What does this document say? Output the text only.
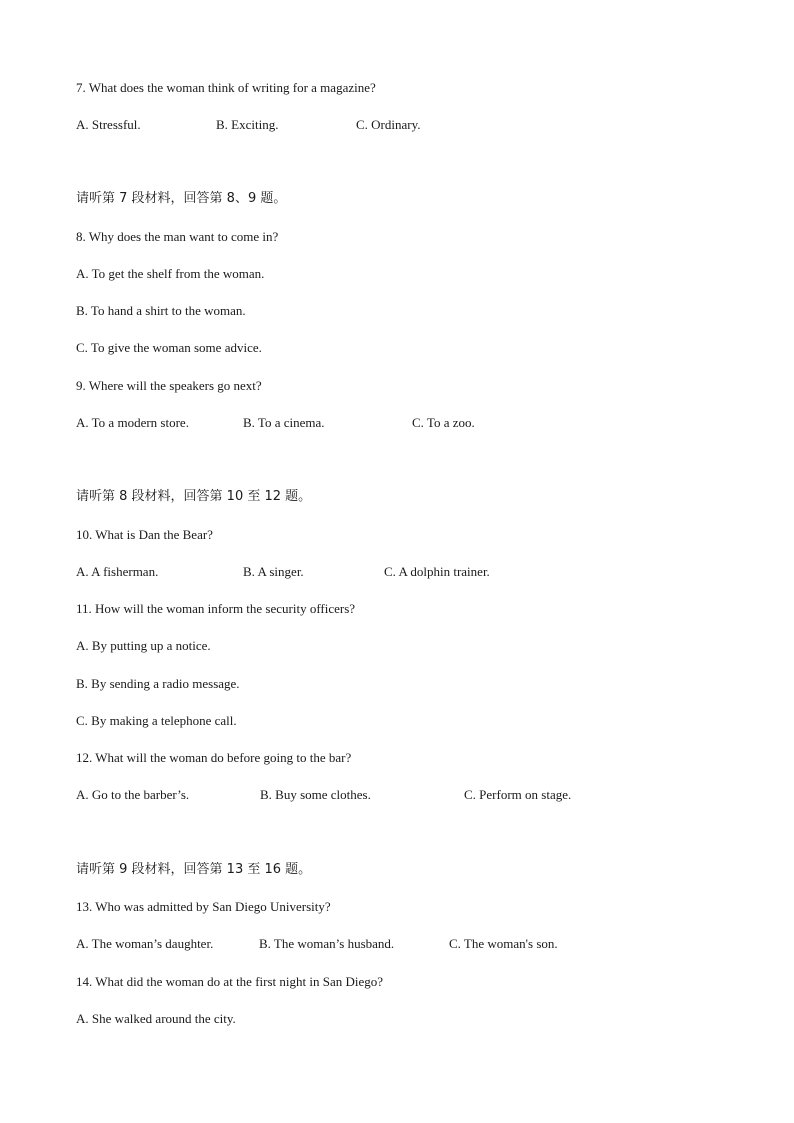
7. What does the woman think of writing for a magazine?
A. Stressful.	B. Exciting.	C. Ordinary.
请听第 7 段材料，回答第 8、9 题。
8. Why does the man want to come in?
A. To get the shelf from the woman.
B. To hand a shirt to the woman.
C. To give the woman some advice.
9. Where will the speakers go next?
A. To a modern store.	B. To a cinema.	C. To a zoo.
请听第 8 段材料，回答第 10 至 12 题。
10. What is Dan the Bear?
A. A fisherman.	B. A singer.	C. A dolphin trainer.
11. How will the woman inform the security officers?
A. By putting up a notice.
B. By sending a radio message.
C. By making a telephone call.
12. What will the woman do before going to the bar?
A. Go to the barber’s.	B. Buy some clothes.	C. Perform on stage.
请听第 9 段材料，回答第 13 至 16 题。
13. Who was admitted by San Diego University?
A. The woman’s daughter.	B. The woman’s husband.	C. The woman's son.
14. What did the woman do at the first night in San Diego?
A. She walked around the city.
